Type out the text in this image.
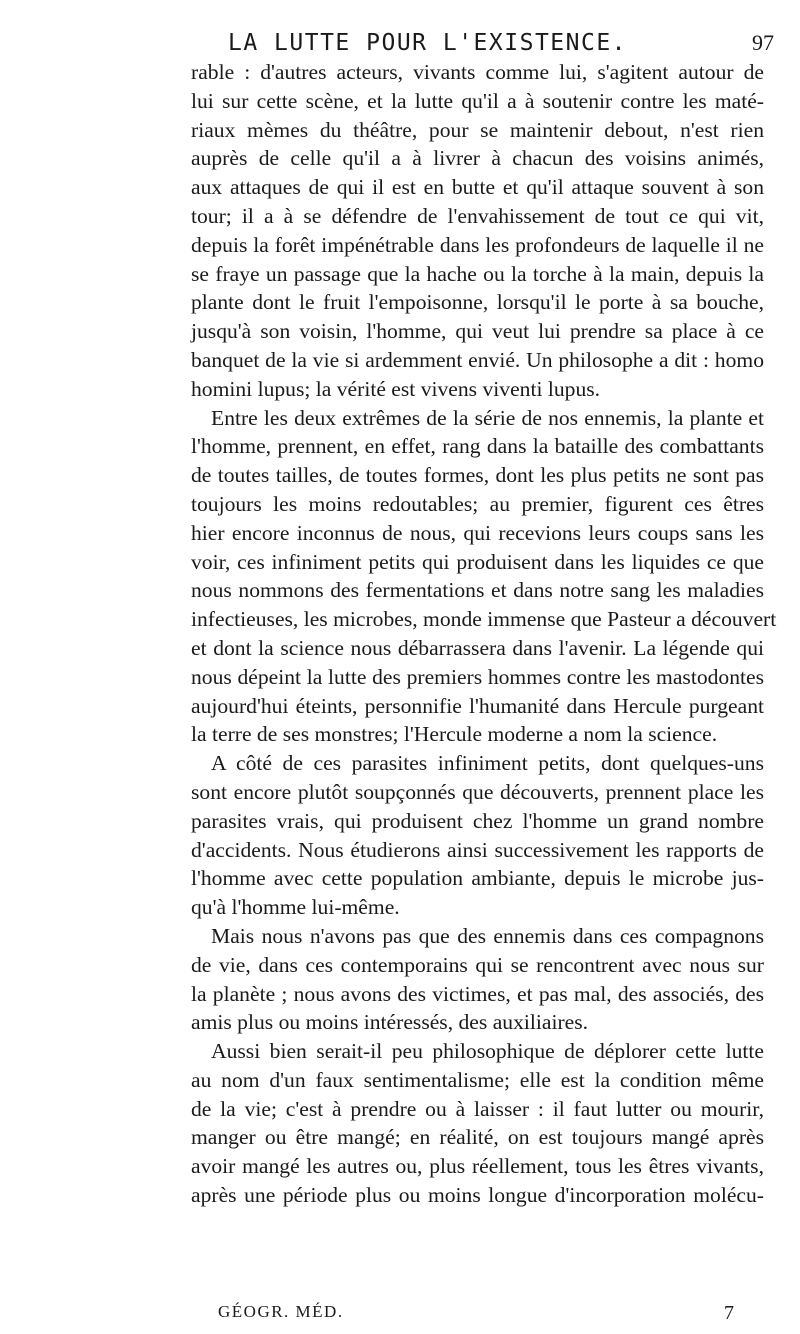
LA LUTTE POUR L'EXISTENCE.	97
rable : d'autres acteurs, vivants comme lui, s'agitent autour de
lui sur cette scène, et la lutte qu'il a à soutenir contre les maté-
riaux mèmes du théâtre, pour se maintenir debout, n'est rien
auprès de celle qu'il a à livrer à chacun des voisins animés,
aux attaques de qui il est en butte et qu'il attaque souvent à son
tour; il a à se défendre de l'envahissement de tout ce qui vit,
depuis la forêt impénétrable dans les profondeurs de laquelle il ne
se fraye un passage que la hache ou la torche à la main, depuis la
plante dont le fruit l'empoisonne, lorsqu'il le porte à sa bouche,
jusqu'à son voisin, l'homme, qui veut lui prendre sa place à ce
banquet de la vie si ardemment envié. Un philosophe a dit : homo
homini lupus; la vérité est vivens viventi lupus.
Entre les deux extrêmes de la série de nos ennemis, la plante et
l'homme, prennent, en effet, rang dans la bataille des combattants
de toutes tailles, de toutes formes, dont les plus petits ne sont pas
toujours les moins redoutables; au premier, figurent ces êtres
hier encore inconnus de nous, qui recevions leurs coups sans les
voir, ces infiniment petits qui produisent dans les liquides ce que
nous nommons des fermentations et dans notre sang les maladies
infectieuses, les microbes, monde immense que Pasteur a découvert
et dont la science nous débarrassera dans l'avenir. La légende qui
nous dépeint la lutte des premiers hommes contre les mastodontes
aujourd'hui éteints, personnifie l'humanité dans Hercule purgeant
la terre de ses monstres; l'Hercule moderne a nom la science.
A côté de ces parasites infiniment petits, dont quelques-uns
sont encore plutôt soupçonnés que découverts, prennent place les
parasites vrais, qui produisent chez l'homme un grand nombre
d'accidents. Nous étudierons ainsi successivement les rapports de
l'homme avec cette population ambiante, depuis le microbe jus-
qu'à l'homme lui-même.
Mais nous n'avons pas que des ennemis dans ces compagnons
de vie, dans ces contemporains qui se rencontrent avec nous sur
la planète ; nous avons des victimes, et pas mal, des associés, des
amis plus ou moins intéressés, des auxiliaires.
Aussi bien serait-il peu philosophique de déplorer cette lutte
au nom d'un faux sentimentalisme; elle est la condition même
de la vie; c'est à prendre ou à laisser : il faut lutter ou mourir,
manger ou être mangé; en réalité, on est toujours mangé après
avoir mangé les autres ou, plus réellement, tous les êtres vivants,
après une période plus ou moins longue d'incorporation molécu-
GÉOGR. MÉD.	7
